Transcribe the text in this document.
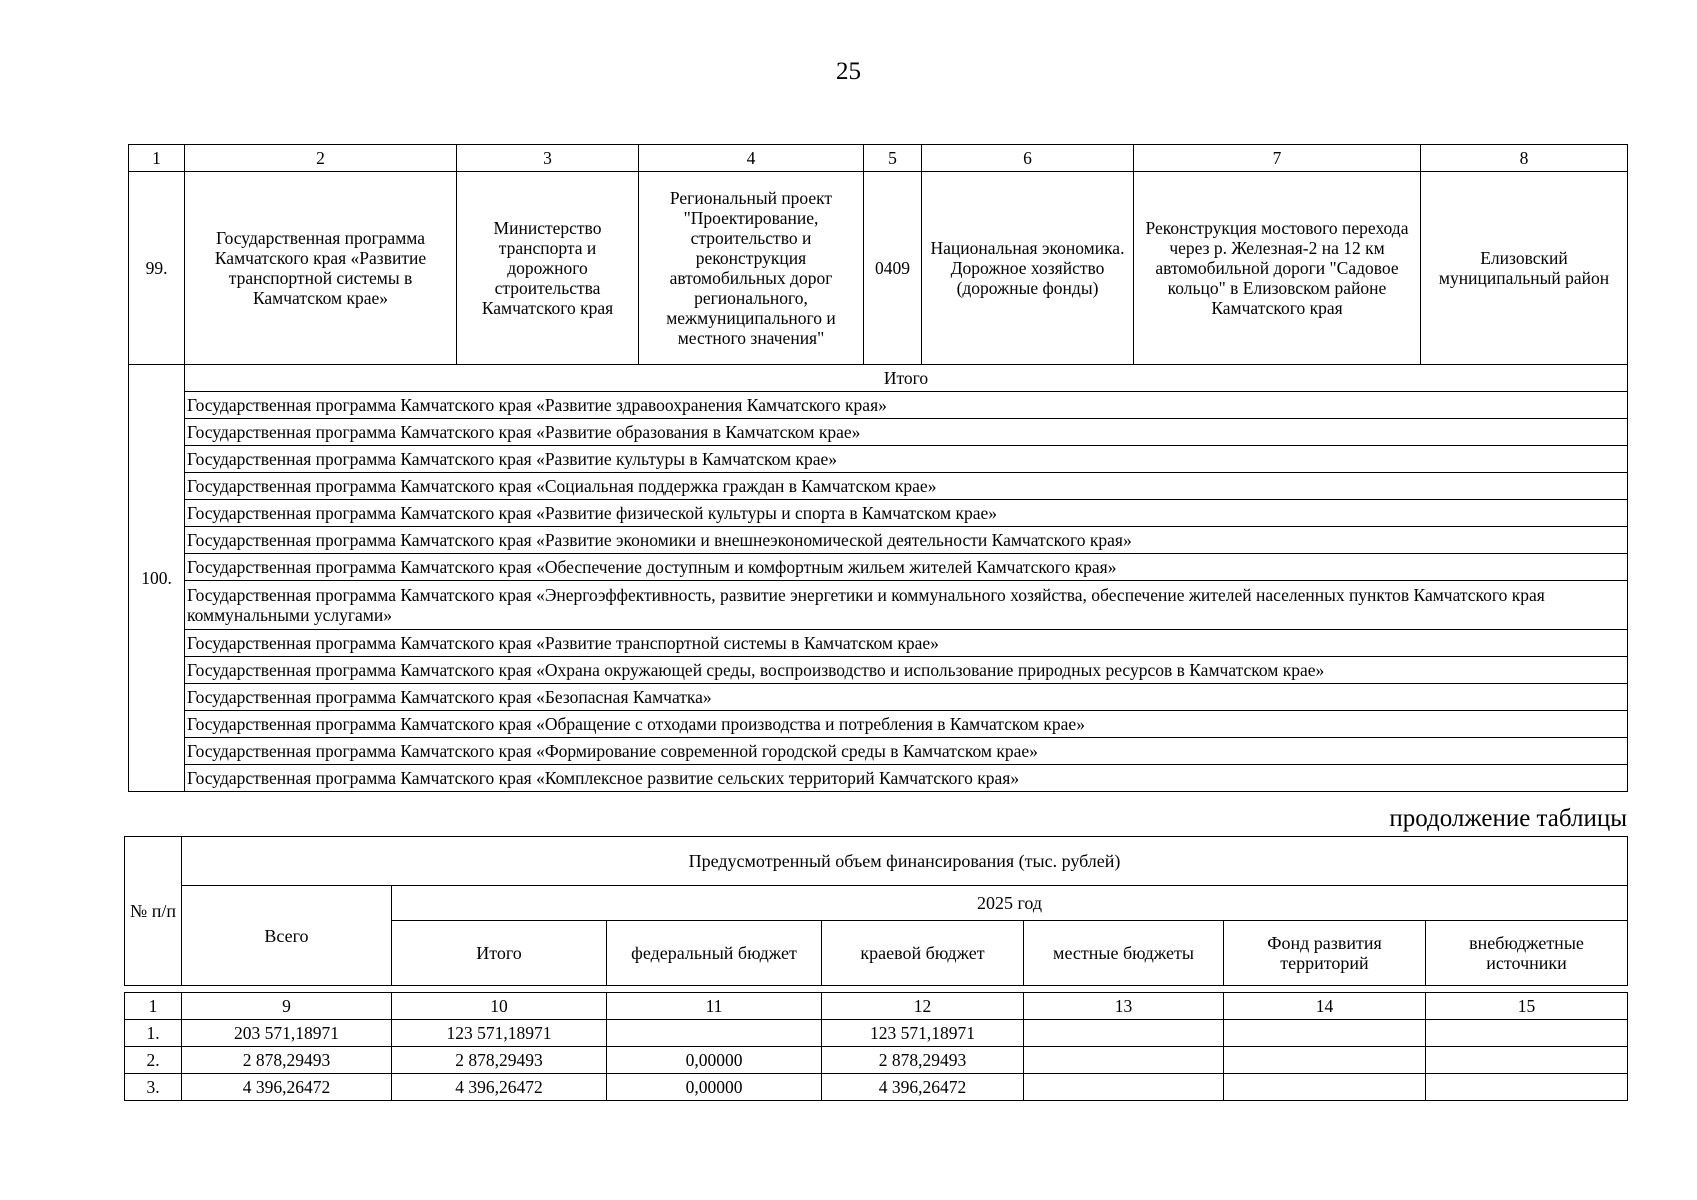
25
1	2	3	4	5	6	7	8
99.	Государственная программа Камчатского края «Развитие транспортной системы в Камчатском крае»	Министерство транспорта и дорожного строительства Камчатского края	Региональный проект "Проектирование, строительство и реконструкция автомобильных дорог регионального, межмуниципального и местного значения"	0409	Национальная экономика. Дорожное хозяйство (дорожные фонды)	Реконструкция мостового перехода через р. Железная-2 на 12 км автомобильной дороги "Садовое кольцо" в Елизовском районе Камчатского края	Елизовский муниципальный район
100.	Итого						
	Государственная программа Камчатского края «Развитие здравоохранения Камчатского края»						
	Государственная программа Камчатского края «Развитие образования в Камчатском крае»						
	Государственная программа Камчатского края «Развитие культуры в Камчатском крае»						
	Государственная программа Камчатского края «Социальная поддержка граждан в Камчатском крае»						
	Государственная программа Камчатского края «Развитие физической культуры и спорта в Камчатском крае»						
	Государственная программа Камчатского края «Развитие экономики и внешнеэкономической деятельности Камчатского края»						
	Государственная программа Камчатского края «Обеспечение доступным и комфортным жильем жителей Камчатского края»						
	Государственная программа Камчатского края «Энергоэффективность, развитие энергетики и коммунального хозяйства, обеспечение жителей населенных пунктов Камчатского края коммунальными услугами»						
	Государственная программа Камчатского края «Развитие транспортной системы в Камчатском крае»						
	Государственная программа Камчатского края «Охрана окружающей среды, воспроизводство и использование природных ресурсов в Камчатском крае»						
	Государственная программа Камчатского края «Безопасная Камчатка»						
	Государственная программа Камчатского края «Обращение с отходами производства и потребления в Камчатском крае»						
	Государственная программа Камчатского края «Формирование современной городской среды в Камчатском крае»						
	Государственная программа Камчатского края «Комплексное развитие сельских территорий Камчатского края»						
продолжение таблицы
№ п/п	Предусмотренный объем финансирования (тыс. рублей)						
	Всего	2025 год					
		Итого	федеральный бюджет	краевой бюджет	местные бюджеты	Фонд развития территорий	внебюджетные источники
1	9	10	11	12	13	14	15
1.	203 571,18971	123 571,18971		123 571,18971			
2.	2 878,29493	2 878,29493	0,00000	2 878,29493			
3.	4 396,26472	4 396,26472	0,00000	4 396,26472			
